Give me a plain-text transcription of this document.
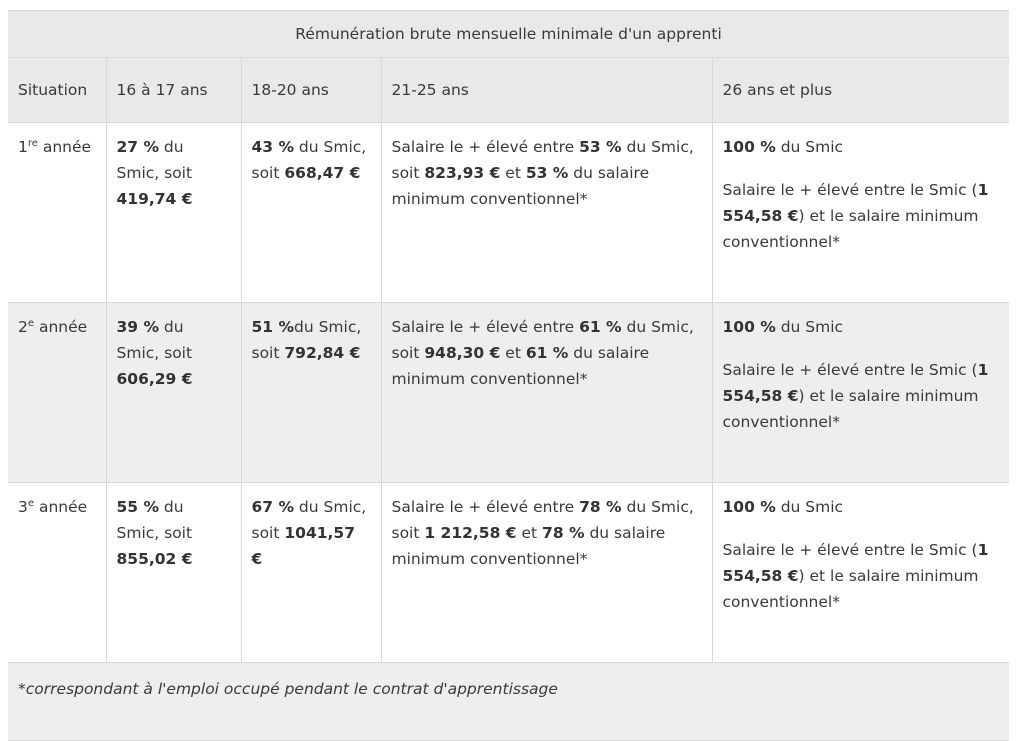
Rémunération brute mensuelle minimale d'un apprenti				
Situation	16 à 17 ans	18-20 ans	21-25 ans	26 ans et plus
1re année	27 % du Smic, soit 419,74 €	43 % du Smic, soit 668,47 €	Salaire le + élevé entre 53 % du Smic, soit 823,93 € et 53 % du salaire minimum conventionnel*	100 % du Smic
Salaire le + élevé entre le Smic (1 554,58 €) et le salaire minimum conventionnel*

2e année	39 % du Smic, soit 606,29 €	51 %du Smic, soit 792,84 €	Salaire le + élevé entre 61 % du Smic, soit 948,30 € et 61 % du salaire minimum conventionnel*	100 % du Smic
Salaire le + élevé entre le Smic (1 554,58 €) et le salaire minimum conventionnel*

3e année	55 % du Smic, soit 855,02 €	67 % du Smic, soit 1041,57 €	Salaire le + élevé entre 78 % du Smic, soit 1 212,58 € et 78 % du salaire minimum conventionnel*	100 % du Smic
Salaire le + élevé entre le Smic (1 554,58 €) et le salaire minimum conventionnel*

*correspondant à l'emploi occupé pendant le contrat d'apprentissage				
